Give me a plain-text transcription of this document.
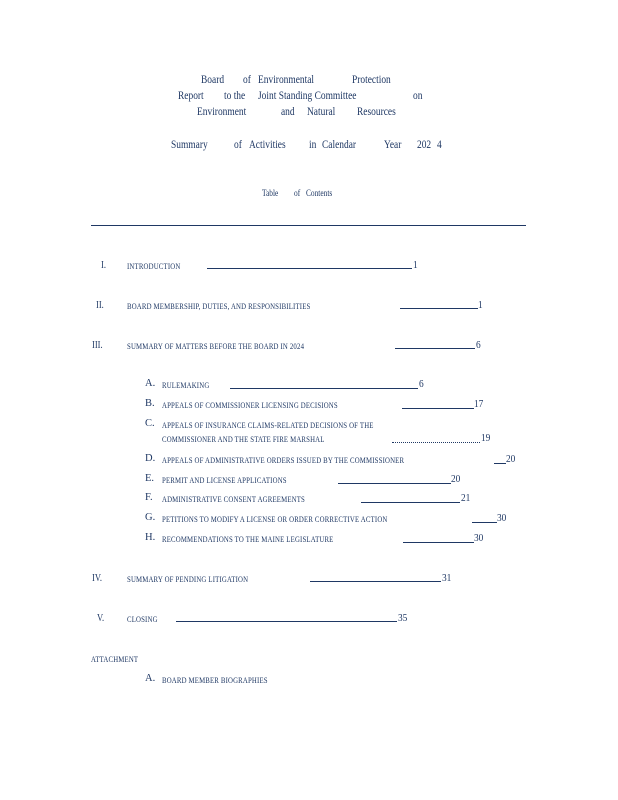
Board of Environmental	Protection
Report to the Joint Standing Committee	on
Environment	and Natural Resources
Summary of Activities in Calendar Year 202 4
Table of Contents
I.	INTRODUCTION	1
II.	BOARD MEMBERSHIP, DUTIES, AND RESPONSIBILITIES	1
III.	SUMMARY OF MATTERS BEFORE THE BOARD IN 2024	6
A. RULEMAKING	6
B. APPEALS OF COMMISSIONER LICENSING DECISIONS	17
C. APPEALS OF INSURANCE CLAIMS-RELATED DECISIONS OF THE
COMMISSIONER AND THE STATE FIRE MARSHAL	19
D. APPEALS OF ADMINISTRATIVE ORDERS ISSUED BY THE COMMISSIONER	20
E. PERMIT AND LICENSE APPLICATIONS	20
F. ADMINISTRATIVE CONSENT AGREEMENTS	21
G. PETITIONS TO MODIFY A LICENSE OR ORDER CORRECTIVE ACTION	30
H. RECOMMENDATIONS TO THE MAINE LEGISLATURE	30
IV.	SUMMARY OF PENDING LITIGATION	31
V.	CLOSING	35
ATTACHMENT
A. BOARD MEMBER BIOGRAPHIES
